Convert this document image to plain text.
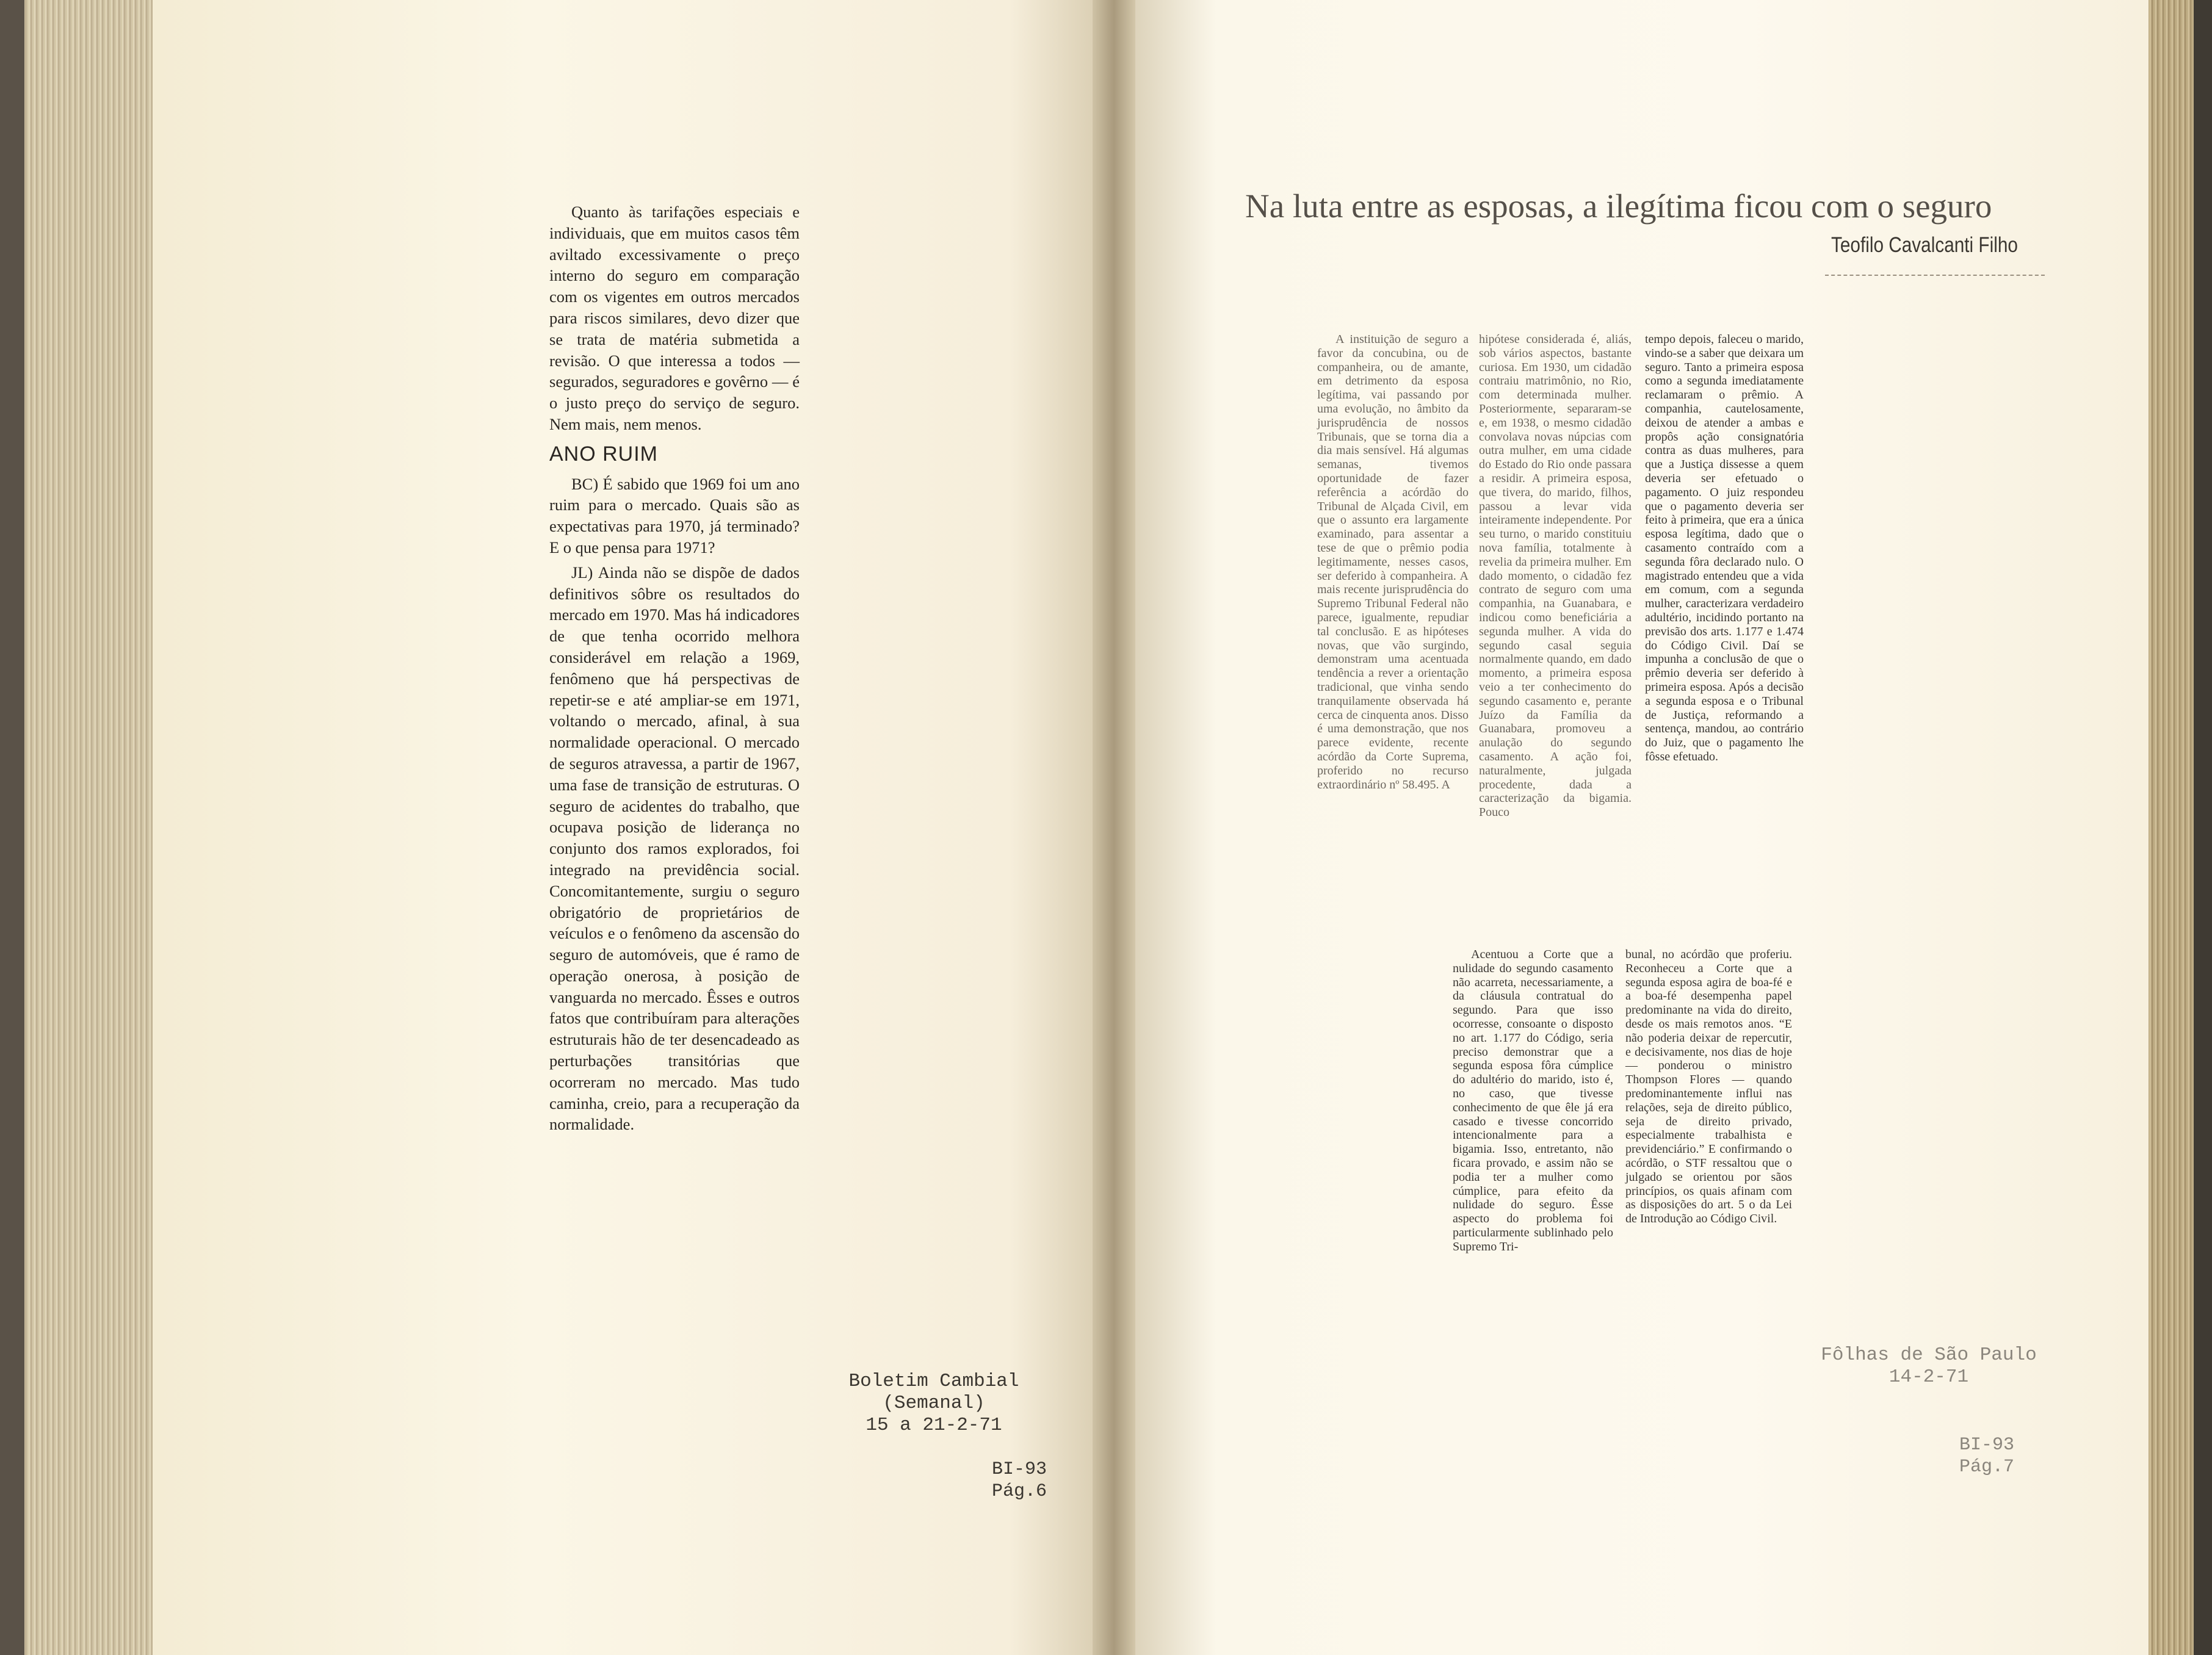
Quanto às tarifações especiais e individuais, que em muitos casos têm aviltado excessivamente o preço interno do seguro em comparação com os vigentes em outros mercados para riscos similares, devo dizer que se trata de matéria submetida a revisão. O que interessa a todos — segurados, seguradores e govêrno — é o justo preço do serviço de seguro. Nem mais, nem menos.

ANO RUIM

BC) É sabido que 1969 foi um ano ruim para o mercado. Quais são as expectativas para 1970, já terminado? E o que pensa para 1971?

JL) Ainda não se dispõe de dados definitivos sôbre os resultados do mercado em 1970. Mas há indicadores de que tenha ocorrido melhora considerável em relação a 1969, fenômeno que há perspectivas de repetir-se e até ampliar-se em 1971, voltando o mercado, afinal, à sua normalidade operacional. O mercado de seguros atravessa, a partir de 1967, uma fase de transição de estruturas. O seguro de acidentes do trabalho, que ocupava posição de liderança no conjunto dos ramos explorados, foi integrado na previdência social. Concomitantemente, surgiu o seguro obrigatório de proprietários de veículos e o fenômeno da ascensão do seguro de automóveis, que é ramo de operação onerosa, à posição de vanguarda no mercado. Êsses e outros fatos que contribuíram para alterações estruturais hão de ter desencadeado as perturbações transitórias que ocorreram no mercado. Mas tudo caminha, creio, para a recuperação da normalidade.

Boletim Cambial (Semanal)
15 a 21-2-71
BI-93
Pág.6
Na luta entre as esposas, a ilegítima ficou com o seguro
Teofilo Cavalcanti Filho

A instituição de seguro a favor da concubina, ou de companheira, ou de amante, em detrimento da esposa legítima, vai passando por uma evolução, no âmbito da jurisprudência de nossos Tribunais, que se torna dia a dia mais sensível. Há algumas semanas, tivemos oportunidade de fazer referência a acórdão do Tribunal de Alçada Civil, em que o assunto era largamente examinado, para assentar a tese de que o prêmio podia legitimamente, nesses casos, ser deferido à companheira. A mais recente jurisprudência do Supremo Tribunal Federal não parece, igualmente, repudiar tal conclusão. E as hipóteses novas, que vão surgindo, demonstram uma acentuada tendência a rever a orientação tradicional, que vinha sendo tranquilamente observada há cerca de cinquenta anos. Disso é uma demonstração, que nos parece evidente, recente acórdão da Corte Suprema, proferido no recurso extraordinário nº 58.495. A

hipótese considerada é, aliás, sob vários aspectos, bastante curiosa. Em 1930, um cidadão contraiu matrimônio, no Rio, com determinada mulher. Posteriormente, separaram-se e, em 1938, o mesmo cidadão convolava novas núpcias com outra mulher, em uma cidade do Estado do Rio onde passara a residir. A primeira esposa, que tivera, do marido, filhos, passou a levar vida inteiramente independente. Por seu turno, o marido constituiu nova família, totalmente à revelia da primeira mulher. Em dado momento, o cidadão fez contrato de seguro com uma companhia, na Guanabara, e indicou como beneficiária a segunda mulher. A vida do segundo casal seguia normalmente quando, em dado momento, a primeira esposa veio a ter conhecimento do segundo casamento e, perante Juízo da Família da Guanabara, promoveu a anulação do segundo casamento. A ação foi, naturalmente, julgada procedente, dada a caracterização da bigamia. Pouco

tempo depois, faleceu o marido, vindo-se a saber que deixara um seguro. Tanto a primeira esposa como a segunda imediatamente reclamaram o prêmio. A companhia, cautelosamente, deixou de atender a ambas e propôs ação consignatória contra as duas mulheres, para que a Justiça dissesse a quem deveria ser efetuado o pagamento. O juiz respondeu que o pagamento deveria ser feito à primeira, que era a única esposa legítima, dado que o casamento contraído com a segunda fôra declarado nulo. O magistrado entendeu que a vida em comum, com a segunda mulher, caracterizara verdadeiro adultério, incidindo portanto na previsão dos arts. 1.177 e 1.474 do Código Civil. Daí se impunha a conclusão de que o prêmio deveria ser deferido à primeira esposa. Após a decisão a segunda esposa e o Tribunal de Justiça, reformando a sentença, mandou, ao contrário do Juiz, que o pagamento lhe fôsse efetuado.

Acentuou a Corte que a nulidade do segundo casamento não acarreta, necessariamente, a da cláusula contratual do segundo. Para que isso ocorresse, consoante o disposto no art. 1.177 do Código, seria preciso demonstrar que a segunda esposa fôra cúmplice do adultério do marido, isto é, no caso, que tivesse conhecimento de que êle já era casado e tivesse concorrido intencionalmente para a bigamia. Isso, entretanto, não ficara provado, e assim não se podia ter a mulher como cúmplice, para efeito da nulidade do seguro. Êsse aspecto do problema foi particularmente sublinhado pelo Supremo Tri-

bunal, no acórdão que proferiu. Reconheceu a Corte que a segunda esposa agira de boa-fé e a boa-fé desempenha papel predominante na vida do direito, desde os mais remotos anos. “E não poderia deixar de repercutir, e decisivamente, nos dias de hoje — ponderou o ministro Thompson Flores — quando predominantemente influi nas relações, seja de direito público, seja de direito privado, especialmente trabalhista e previdenciário.” E confirmando o acórdão, o STF ressaltou que o julgado se orientou por sãos princípios, os quais afinam com as disposições do art. 5 o da Lei de Introdução ao Código Civil.

Fôlhas de São Paulo
14-2-71
BI-93
Pág.7
